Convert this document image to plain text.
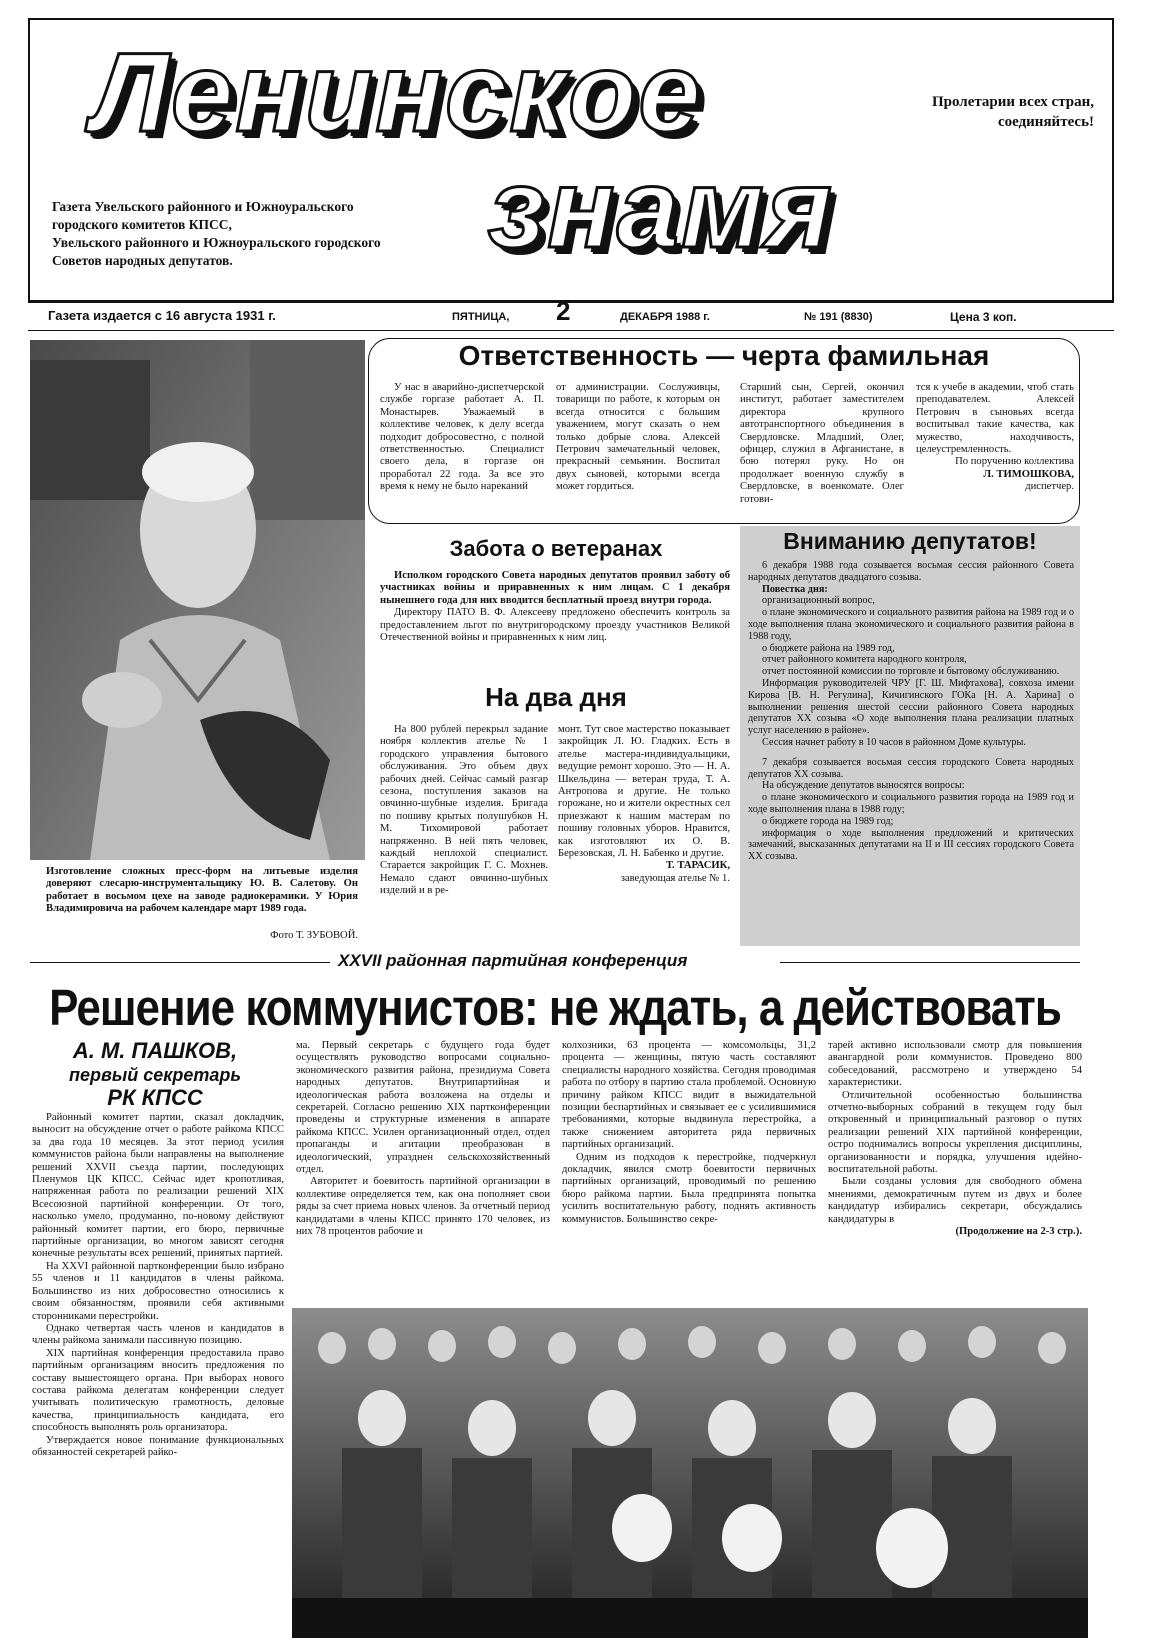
Ленинское
знамя
Пролетарии всех стран,
соединяйтесь!
Газета Увельского районного и Южноуральского
городского комитетов КПСС,
Увельского районного и Южноуральского городского
Советов народных депутатов.
Газета издается с 16 августа 1931 г.	ПЯТНИЦА, 2	ДЕКАБРЯ 1988 г.	№ 191 (8830)	Цена 3 коп.
Изготовление сложных пресс-форм на литьевые изделия доверяют слесарю-инструментальщику Ю. В. Салетову. Он работает в восьмом цехе на заводе радиокерамики. У Юрия Владимировича на рабочем календаре март 1989 года.
Фото Т. ЗУБОВОЙ.
Ответственность — черта фамильная

У нас в аварийно-диспетчерской службе горгазе работает А. П. Монастырев. Уважаемый в коллективе человек, к делу всегда подходит добросовестно, с полной ответственностью. Специалист своего дела, в горгазе он проработал 22 года. За все это время к нему не было нареканий

от администрации. Сослуживцы, товарищи по работе, к которым он всегда относится с большим уважением, могут сказать о нем только добрые слова. Алексей Петрович замечательный человек, прекрасный семьянин. Воспитал двух сыновей, которыми всегда может гордиться.

Старший сын, Сергей, окончил институт, работает заместителем директора крупного автотранспортного объединения в Свердловске. Младший, Олег, офицер, служил в Афганистане, в бою потерял руку. Но он продолжает военную службу в Свердловске, в военкомате. Олег готови-

тся к учебе в академии, чтоб стать преподавателем. Алексей Петрович в сыновьях всегда воспитывал такие качества, как мужество, находчивость, целеустремленность.

По поручению коллектива

Л. ТИМОШКОВА,

диспетчер.

Забота о ветеранах

Исполком городского Совета народных депутатов проявил заботу об участниках войны и приравненных к ним лицам. С 1 декабря нынешнего года для них вводится бесплатный проезд внутри города.

Директору ПАТО В. Ф. Алексееву предложено обеспечить контроль за предоставлением льгот по внутригородскому проезду участников Великой Отечественной войны и приравненных к ним лиц.

На два дня

На 800 рублей перекрыл задание ноября коллектив ателье № 1 городского управления бытового обслуживания. Это объем двух рабочих дней. Сейчас самый разгар сезона, поступления заказов на овчинно-шубные изделия. Бригада по пошиву крытых полушубков Н. М. Тихомировой работает напряженно. В ней пять человек, каждый неплохой специалист. Старается закройщик Г. С. Мохнев. Немало сдают овчинно-шубных изделий и в ре-

монт. Тут свое мастерство показывает закройщик Л. Ю. Гладких. Есть в ателье мастера-индивидуальщики, ведущие ремонт хорошо. Это — Н. А. Шкельдина — ветеран труда, Т. А. Антропова и другие. Не только горожане, но и жители окрестных сел приезжают к нашим мастерам по пошиву головных уборов. Нравится, как изготовляют их О. В. Березовская, Л. Н. Бабенко и другие.

Т. ТАРАСИК,

заведующая ателье № 1.

Вниманию депутатов!

6 декабря 1988 года созывается восьмая сессия районного Совета народных депутатов двадцатого созыва.

Повестка дня:

организационный вопрос,

о плане экономического и социального развития района на 1989 год и о ходе выполнения плана экономического и социального развития района в 1988 году,

о бюджете района на 1989 год,

отчет районного комитета народного контроля,

отчет постоянной комиссии по торговле и бытовому обслуживанию.

Информация руководителей ЧРУ [Г. Ш. Мифтахова], совхоза имени Кирова [В. Н. Регулина], Кичигинского ГОКа [Н. А. Харина] о выполнении решения шестой сессии районного Совета народных депутатов XX созыва «О ходе выполнения плана реализации платных услуг населению в районе».

Сессия начнет работу в 10 часов в районном Доме культуры.

7 декабря созывается восьмая сессия городского Совета народных депутатов XX созыва.

На обсуждение депутатов выносятся вопросы:

о плане экономического и социального развития города на 1989 год и ходе выполнения плана в 1988 году;

о бюджете города на 1989 год;

информация о ходе выполнения предложений и критических замечаний, высказанных депутатами на II и III сессиях городского Совета XX созыва.

XXVII районная партийная конференция
Решение коммунистов: не ждать, а действовать
А. М. ПАШКОВ,
первый секретарь
РК КПСС

Районный комитет партии, сказал докладчик, выносит на обсуждение отчет о работе райкома КПСС за два года 10 месяцев. За этот период усилия коммунистов района были направлены на выполнение решений XXVII съезда партии, последующих Пленумов ЦК КПСС. Сейчас идет кропотливая, напряженная работа по реализации решений XIX Всесоюзной партийной конференции. От того, насколько умело, продуманно, по-новому действуют районный комитет партии, его бюро, первичные партийные организации, во многом зависят сегодня конечные результаты всех решений, принятых партией.

На XXVI районной партконференции было избрано 55 членов и 11 кандидатов в члены райкома. Большинство из них добросовестно относились к своим обязанностям, проявили себя активными сторонниками перестройки.

Однако четвертая часть членов и кандидатов в члены райкома занимали пассивную позицию.

XIX партийная конференция предоставила право партийным организациям вносить предложения по составу вышестоящего органа. При выборах нового состава райкома делегатам конференции следует учитывать политическую грамотность, деловые качества, принципиальность кандидата, его способность выполнять роль организатора.

Утверждается новое понимание функциональных обязанностей секретарей райко-

ма. Первый секретарь с будущего года будет осуществлять руководство вопросами социально-экономического развития района, президиума Совета народных депутатов. Внутрипартийная и идеологическая работа возложена на отделы и секретарей. Согласно решению XIX партконференции проведены и структурные изменения в аппарате райкома КПСС. Усилен организационный отдел, отдел пропаганды и агитации преобразован в идеологический, упразднен сельскохозяйственный отдел.

Авторитет и боевитость партийной организации в коллективе определяется тем, как она пополняет свои ряды за счет приема новых членов. За отчетный период кандидатами в члены КПСС принято 170 человек, из них 78 процентов рабочие и

колхозники, 63 процента — комсомольцы, 31,2 процента — женщины, пятую часть составляют специалисты народного хозяйства. Сегодня проводимая работа по отбору в партию стала проблемой. Основную причину райком КПСС видит в выжидательной позиции беспартийных и связывает ее с усилившимися требованиями, которые выдвинула перестройка, а также снижением авторитета ряда первичных партийных организаций.

Одним из подходов к перестройке, подчеркнул докладчик, явился смотр боевитости первичных партийных организаций, проводимый по решению бюро райкома партии. Была предпринята попытка усилить воспитательную работу, поднять активность коммунистов. Большинство секре-

тарей активно использовали смотр для повышения авангардной роли коммунистов. Проведено 800 собеседований, рассмотрено и утверждено 54 характеристики.

Отличительной особенностью большинства отчетно-выборных собраний в текущем году был откровенный и принципиальный разговор о путях реализации решений XIX партийной конференции, остро поднимались вопросы укрепления дисциплины, организованности и порядка, улучшения идейно-воспитательной работы.

Были созданы условия для свободного обмена мнениями, демократичным путем из двух и более кандидатур избирались секретари, обсуждались кандидатуры в

(Продолжение на 2-3 стр.).
